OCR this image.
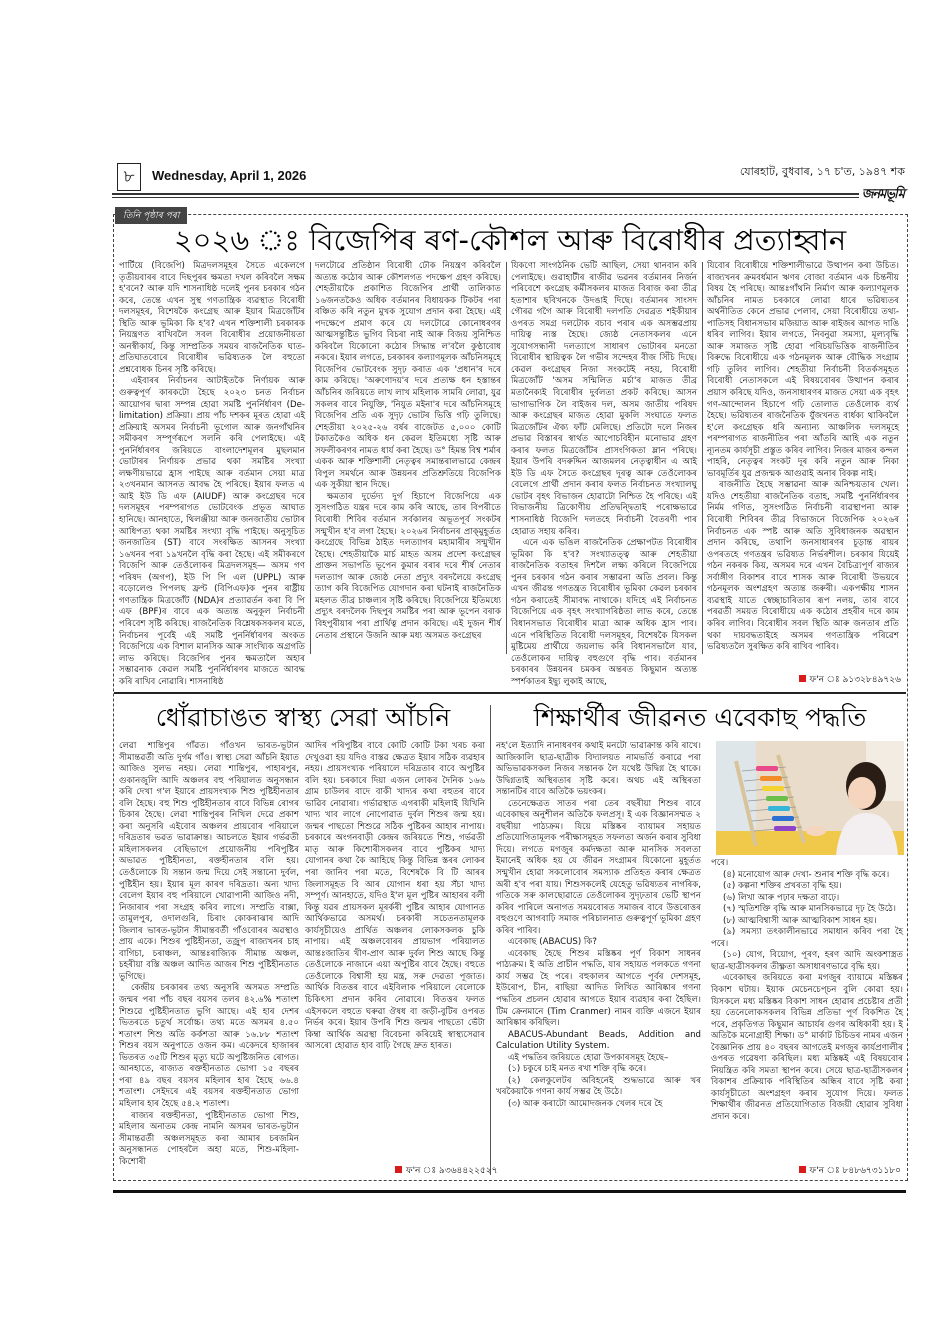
৮	Wednesday, April 1, 2026	যোৰহাট, বুধবাৰ, ১৭ চ'ত, ১৯৪৭ শক
জনমভূমি
তিনি পৃষ্ঠাৰ পৰা
২০২৬ ঃ বিজেপিৰ ৰণ-কৌশল আৰু বিৰোধীৰ প্ৰত্যাহ্বান

পাৰ্টিয়ে (বিজেপি) মিত্ৰদলসমূহৰ সৈতে একেলগে তৃতীয়বাৰৰ বাবে দিছপুৰৰ ক্ষমতা দখল কৰিবলৈ সক্ষম হ'বনে? আৰু যদি শাসনাধিষ্ঠ দলেই পুনৰ চৰকাৰ গঠন কৰে, তেন্তে এখন সুস্থ গণতান্ত্ৰিক ব্যৱস্থাত বিৰোধী দলসমূহৰ, বিশেষকৈ কংগ্ৰেছ আৰু ইয়াৰ মিত্ৰজোঁটৰ স্থিতি আৰু ভূমিকা কি হ'ব? এখন শক্তিশালী চৰকাৰক নিয়ন্ত্ৰণত ৰাখিবলৈ সবল বিৰোধীৰ প্ৰয়োজনীয়তা অনস্বীকাৰ্য, কিন্তু সাম্প্ৰতিক সময়ৰ ৰাজনৈতিক ঘাত-প্ৰতিঘাতবোৰে বিৰোধীৰ ভৱিষ্যতক লৈ বহুতো প্ৰশ্নবোধক চিনৰ সৃষ্টি কৰিছে।

এইবাৰৰ নিৰ্বাচনৰ আটাইতকৈ নিৰ্ণায়ক আৰু গুৰুত্বপূৰ্ণ কাৰকটো হৈছে ২০২৩ চনত নিৰ্বাচন আয়োগৰ দ্বাৰা সম্পন্ন হোৱা সমষ্টি পুনৰ্নিৰ্ধাৰণ (De-limitation) প্ৰক্ৰিয়া। প্ৰায় পাঁচ দশকৰ মূৰত হোৱা এই প্ৰক্ৰিয়াই অসমৰ নিৰ্বাচনী ভূগোল আৰু জনগাঁথনিৰ সমীকৰণ সম্পূৰ্ণৰূপে সলনি কৰি পেলাইছে। এই পুনৰ্নিৰ্ধাৰণৰ জৰিয়তে বাংলাদেশমূলৰ মুছলমান ভোটাৰৰ নিৰ্ণায়ক প্ৰভাৱ থকা সমষ্টিৰ সংখ্যা লক্ষণীয়ভাৱে হ্ৰাস পাইছে আৰু বৰ্তমান সেয়া মাত্ৰ ২৩খনমান আসনত আবদ্ধ হৈ পৰিছে। ইয়াৰ ফলত এ আই ইউ ডি এফ (AIUDF) আৰু কংগ্ৰেছৰ দৰে দলসমূহৰ পৰম্পৰাগত ভোটবেংক প্ৰভূত আঘাত হানিছে। আনহাতে, থিলঞ্জীয়া আৰু জনজাতীয় ভোটাৰ আধিপত্য থকা সমষ্টিৰ সংখ্যা বৃদ্ধি পাইছে। অনুসূচিত জনজাতিৰ (ST) বাবে সংৰক্ষিত আসনৰ সংখ্যা ১৬খনৰ পৰা ১৯খনলৈ বৃদ্ধি কৰা হৈছে। এই সমীকৰণে বিজেপি আৰু তেওঁলোকৰ মিত্ৰদলসমূহ— অসম গণ পৰিষদ (অগপ), ইউ পি পি এল (UPPL) আৰু বড়োলেণ্ড পিপলছ ফ্ৰণ্ট (বিপিএফ)ক পুনৰ ৰাষ্ট্ৰীয় গণতান্ত্ৰিক মিত্ৰজোঁট (NDA)ৰ প্ৰত্যাৱৰ্তন কৰা বি পি এফ (BPF)ৰ বাবে এক অত্যন্ত অনুকূল নিৰ্বাচনী পৰিবেশ সৃষ্টি কৰিছে। ৰাজনৈতিক বিশ্লেষকসকলৰ মতে, নিৰ্বাচনৰ পূৰ্বেই এই সমষ্টি পুনৰ্নিৰ্ধাৰণৰ অংকত বিজেপিয়ে এক বিশাল মানসিক আৰু সাংখ্যিক অগ্ৰগতি লাভ কৰিছে। বিজেপিৰ পুনৰ ক্ষমতালৈ অহাৰ সম্ভাৱনাক কেৱল সমষ্টি পুনৰ্নিৰ্ধাৰণৰ মাজতে আবদ্ধ কৰি ৰাখিব নোৱাৰি। শাসনাধিষ্ঠ

দলটোৱে প্ৰতিষ্ঠান বিৰোধী ঢৌক নিয়ন্ত্ৰণ কৰিবলৈ অত্যন্ত কঠোৰ আৰু কৌশলগত পদক্ষেপ গ্ৰহণ কৰিছে। শেহতীয়াকৈ প্ৰকাশিত বিজেপিৰ প্ৰাৰ্থী তালিকাত ১৬জনতকৈও অধিক বৰ্তমানৰ বিধায়কক টিকটৰ পৰা বঞ্চিত কৰি নতুন মুখক সুযোগ প্ৰদান কৰা হৈছে। এই পদক্ষেপে প্ৰমাণ কৰে যে দলটোৱে কোনোধৰণৰ আত্মসন্তুষ্টিত ভুগিব বিচৰা নাই আৰু বিজয় সুনিশ্চিত কৰিবলৈ যিকোনো কঠোৰ সিদ্ধান্ত ল'বলৈ কুণ্ঠাবোধ নকৰে। ইয়াৰ লগতে, চৰকাৰৰ কল্যাণমূলক আঁচনিসমূহে বিজেপিৰ ভোটবেংক সুদৃঢ় কৰাত এক 'প্ৰধান'ৰ দৰে কাম কৰিছে। 'অৰুণোদয়'ৰ দৰে প্ৰত্যক্ষ ধন হস্তান্তৰ আঁচনিৰ জৰিয়তে লাখ লাখ মহিলাক সামৰি লোৱা, যুৱ সকলৰ বাবে নিযুক্তি, 'নিযুত মইনা'ৰ দৰে আঁচনিসমূহে বিজেপিৰ প্ৰতি এক সুদৃঢ় ভোটৰ ভিত্তি গঢ়ি তুলিছে। শেহতীয়া ২০২৫-২৬ বৰ্ষৰ বাজেটত ৫,০০০ কোটি টকাতকৈও অধিক ধন কেৱল ইতিমধ্যে সৃষ্টি আৰু সফলীকৰণৰ নামত ধাৰ্য কৰা হৈছে। ড° হিমন্ত বিশ্ব শৰ্মাৰ একক আৰু শক্তিশালী নেতৃত্বৰ সমান্তৰালভাৱে কেন্দ্ৰৰ বিপুল সমৰ্থনে আৰু উন্নয়নৰ প্ৰতিশ্ৰুতিয়ে বিজেপিক এক সুকীয়া স্থান দিছে।

ক্ষমতাৰ দুৰ্ভেদ্য দুৰ্গ হিচাপে বিজেপিয়ে এক সুসংগঠিত যন্ত্ৰৰ দৰে কাম কৰি আছে, তাৰ বিপৰীতে বিৰোধী শিবিৰ বৰ্তমান সৰ্বকালৰ অভূতপূৰ্ব সংকটৰ সন্মুখীন হ'ব লগা হৈছে। ২০২৬ৰ নিৰ্বাচনৰ প্ৰাক্‌মুহূৰ্তত কংগ্ৰেছে বিভিন্ন ঠাইত দলত্যাগৰ মহামাৰীৰ সন্মুখীন হৈছে। শেহতীয়াকৈ মাৰ্চ মাহত অসম প্ৰদেশ কংগ্ৰেছৰ প্ৰাক্তন সভাপতি ভূপেন কুমাৰ বৰাৰ দৰে শীৰ্ষ নেতাৰ দলত্যাগ আৰু জ্যেষ্ঠ নেতা প্ৰদ্যুৎ বৰদলৈয়ে কংগ্ৰেছ ত্যাগ কৰি বিজেপিত যোগদান কৰা ঘটনাই ৰাজনৈতিক মহলত তীব্ৰ চাঞ্চল্যৰ সৃষ্টি কৰিছে। বিজেপিয়ে ইতিমধ্যে প্ৰদ্যুৎ বৰদলৈক দিছপুৰ সমষ্টিৰ পৰা আৰু ভূপেন বৰাক বিহপুৰীয়াৰ পৰা প্ৰাৰ্থিত্ব প্ৰদান কৰিছে। এই দুজন শীৰ্ষ নেতাৰ প্ৰস্থানে উজনি আৰু মধ্য অসমত কংগ্ৰেছৰ

যিকণো সাংগঠনিক ভেটি আছিল, সেয়া থানবান কৰি পেলাইছে। গুৱাহাটীৰ ৰাজীৱ ভৱনৰ বৰ্তমানৰ নিৰ্জন পৰিবেশে কংগ্ৰেছ কৰ্মীসকলৰ মাজত বিৰাজ কৰা তীব্ৰ হতাশাৰ ছবিখনকে উদঙাই দিছে। বৰ্তমানৰ সাংসদ গৌৰৱ গগৈ আৰু বিৰোধী দলপতি দেৱব্ৰত শইকীয়াৰ ওপৰত সমগ্ৰ দলটোক বচাব পৰাৰ এক অসম্ভৱপ্ৰায় দায়িত্ব ন্যস্ত হৈছে। জ্যেষ্ঠ নেতাসকলৰ এনে সুযোগসন্ধানী দলত্যাগে সাধাৰণ ভোটাৰৰ মনতো বিৰোধীৰ স্থায়িত্বক লৈ গভীৰ সন্দেহৰ বীজ সিঁচি দিছে। কেৱল কংগ্ৰেছৰ নিজা সংকটেই নহয়, বিৰোধী মিত্ৰজোঁট 'অসম সন্মিলিত মৰ্চা'ৰ মাজত তীব্ৰ মতানৈক্যই বিৰোধীৰ দুৰ্বলতা প্ৰকট কৰিছে। আসন ভাগাভাগিক লৈ বাইজৰ দল, অসম জাতীয় পৰিষদ আৰু কংগ্ৰেছৰ মাজত হোৱা মুকলি সংঘাতে ফলত মিত্ৰজোঁটৰ ঐক্য ফাঁট মেলিছে। প্ৰতিটো দলে নিজৰ প্ৰভাৱ বিস্তাৰৰ স্বাৰ্থত আপোচবিহীন মনোভাৱ গ্ৰহণ কৰাৰ ফলত মিত্ৰজোঁটৰ প্ৰাসংগিকতা ম্লান পৰিছে। ইয়াৰ উপৰি বদৰুদ্দিন আজমলৰ নেতৃত্বাধীন এ আই ইউ ডি এফ সৈতে কংগ্ৰেছৰ দূৰত্ব আৰু তেওঁলোকৰ বেলেগে প্ৰাৰ্থী প্ৰদান কৰাৰ ফলত নিৰ্বাচনত সংখ্যালঘু ভোটৰ বৃহৎ বিভাজন হোৱাটো নিশ্চিত হৈ পৰিছে। এই বিভাজনীয় ত্ৰিকোণীয় প্ৰতিদ্বন্দ্বিতাই পৰোক্ষভাৱে শাসনাধিষ্ঠ বিজেপি দলতহে নিৰ্বাচনী বৈতৰণী পাৰ হোৱাত সহায় কৰিব।

এনে এক ভঙিল ৰাজনৈতিক প্ৰেক্ষাপটত বিৰোধীৰ ভূমিকা কি হ'ব? সংখ্যাতত্ত্ব আৰু শেহতীয়া ৰাজনৈতিক বতাহৰ দিশলৈ লক্ষ্য কৰিলে বিজেপিয়ে পুনৰ চৰকাৰ গঠন কৰাৰ সম্ভাৱনা অতি প্ৰবল। কিন্তু এখন জীৱন্ত গণতন্ত্ৰত বিৰোধীৰ ভূমিকা কেৱল চৰকাৰ গঠন কৰাতেই সীমাবদ্ধ নাথাকে। যদিহে এই নিৰ্বাচনত বিজেপিয়ে এক বৃহৎ সংখ্যাগৰিষ্ঠতা লাভ কৰে, তেন্তে বিধানসভাত বিৰোধীৰ মাত্ৰা আৰু অধিক হ্ৰাস পাব। এনে পৰিস্থিতিত বিৰোধী দলসমূহৰ, বিশেষকৈ যিসকল মুষ্টিমেয় প্ৰাৰ্থীয়ে জয়লাভ কৰি বিধানসভালৈ যাব, তেওঁলোকৰ দায়িত্ব বহুগুণে বৃদ্ধি পাব। বৰ্তমানৰ চৰকাৰৰ উন্নয়নৰ চমকৰ অন্তৰত কিছুমান অত্যন্ত স্পৰ্শকাতৰ ইছ্যু লুকাই আছে,

যিবোৰ বিৰোধীয়ে শক্তিশালীভাৱে উত্থাপন কৰা উচিত। ৰাজ্যখনৰ ক্ৰমবৰ্ধমান ঋণৰ বোজা বৰ্তমান এক চিন্তনীয় বিষয় হৈ পৰিছে। আন্তঃগাঁথনি নিৰ্মাণ আৰু কল্যাণমূলক আঁচনিৰ নামত চৰকাৰে লোৱা ধাৰে ভৱিষ্যতৰ অৰ্থনীতিত কেনে প্ৰভাৱ পেলাব, সেয়া বিৰোধীয়ে তথ্য-পাতিসহ বিধানসভাৰ মজিয়াত আৰু ৰাইজৰ আগত দাঙি ধৰিব লাগিব। ইয়াৰ লগতে, নিবনুৱা সমস্যা, মূল্যবৃদ্ধি আৰু সমাজত সৃষ্টি হোৱা পৰিচয়ভিত্তিক ৰাজনীতিৰ বিৰুদ্ধে বিৰোধীয়ে এক গঠনমূলক আৰু বৌদ্ধিক সংগ্ৰাম গঢ়ি তুলিব লাগিব। শেহতীয়া নিৰ্বাচনী বিতৰ্কসমূহত বিৰোধী নেতাসকলে এই বিষয়বোৰৰ উত্থাপন কৰাৰ প্ৰয়াস কৰিছে যদিও, জনসাধাৰণৰ মাজত সেয়া এক বৃহৎ গণ-আন্দোলন হিচাপে গঢ়ি তোলাত তেওঁলোক ব্যৰ্থ হৈছে। ভৱিষ্যতৰ ৰাজনৈতিক যুঁজখনত বাৰ্ধক্য থাকিবলৈ হ'লে কংগ্ৰেছক ধৰি অন্যান্য আঞ্চলিক দলসমূহে পৰম্পৰাগত ৰাজনীতিৰ পৰা আঁতৰি আহি এক নতুন ন্যূনতম কাৰ্যসূচী প্ৰস্তুত কৰিব লাগিব। নিজৰ মাজৰ কন্দল পাহৰি, নেতৃত্বৰ সংকট দূৰ কৰি নতুন আৰু নিকা ভাবমূৰ্তিৰ যুৱ প্ৰজন্মক আগুৱাই অনাৰ বিকল্প নাই।

ৰাজনীতি হৈছে সম্ভাৱনা আৰু অনিশ্চয়তাৰ খেল। যদিও শেহতীয়া ৰাজনৈতিক বতাহ, সমষ্টি পুনৰ্নিৰ্ধাৰণৰ নিৰ্মম গণিত, সুসংগঠিত নিৰ্বাচনী ব্যৱস্থাপনা আৰু বিৰোধী শিবিৰৰ তীব্ৰ বিভাজনে বিজেপিক ২০২৬ৰ নিৰ্বাচনত এক স্পষ্ট আৰু অতি সুবিধাজনক অৱস্থান প্ৰদান কৰিছে, তথাপি জনসাধাৰণৰ চূড়ান্ত ৰায়ৰ ওপৰতহে গণতন্ত্ৰৰ ভৱিষ্যত নিৰ্ভৰশীল। চৰকাৰ যিয়েই গঠন নকৰক কিয়, অসমৰ দৰে এখন বৈচিত্ৰ্যপূৰ্ণ ৰাজ্যৰ সৰ্বাঙ্গীণ বিকাশৰ বাবে শাসক আৰু বিৰোধী উভয়ৰে গঠনমূলক অংশগ্ৰহণ অত্যন্ত জৰুৰী। একপক্ষীয় শাসন ব্যৱস্থাই যাতে স্বেচ্ছাচাৰিতাৰ ৰূপ নলয়, তাৰ বাবে পৰৱৰ্তী সময়ত বিৰোধীয়ে এক কঠোৰ প্ৰহৰীৰ দৰে কাম কৰিব লাগিব। বিৰোধীৰ সবল স্থিতি আৰু জনতাৰ প্ৰতি থকা দায়বদ্ধতাইহে অসমৰ গণতান্ত্ৰিক পৰিৱেশ ভৱিষ্যতলৈ সুৰক্ষিত কৰি ৰাখিব পাৰিব।

ফ'ন ঃ ৯১৩২৮৪৯৭২৬
ধোঁৱাচাঙত স্বাস্থ্য সেৱা আঁচনি

লেৱা শান্তিপুৰ গাঁৱত। গাঁওখন ভাৰত-ভূটান সীমান্তৱৰ্তী অতি দুৰ্গম গাঁও। স্বাস্থ্য সেৱা আঁচনি ইয়াত আজিও সুলভ নহয়। লেৱা শান্তিপুৰ, পাহাৰপুৰ, গুকানজুলি আদি অঞ্চলৰ বহু পৰিয়ালত অনুসন্ধান কৰি দেখা গ'ল ইয়াৰে প্ৰায়সংখ্যক শিশু পুষ্টিহীনতাৰ বলি হৈছে। বহু শিশু পুষ্টিহীনতাৰ বাবে বিভিন্ন ৰোগৰ চিকাৰ হৈছে। লেৱা শান্তিপুৰৰ নিখিল দেৱে প্ৰকাশ কৰা অনুসৰি এইবোৰ অঞ্চলৰ প্ৰায়বোৰ পৰিয়ালে দৰিদ্ৰতাৰ ভৱত ভাৱাক্ৰান্ত। আচলতে ইয়াৰ গৰ্ভৱতী মহিলাসকলৰ বেছিভাগে প্ৰয়োজনীয় পৰিপুষ্টিৰ অভাৱত পুষ্টিহীনতা, ৰক্তহীনতাৰ বলি হয়। তেওঁলোকে যি সন্তান জন্ম দিয়ে সেই সন্তানো দুৰ্বল, পুষ্টিহীন হয়। ইয়াৰ মূল কাৰণ দৰিদ্ৰতা। অন্য খাদ্য বেলেগ ইয়াৰ বহু পৰিয়ালে খোৱাপানী আজিও নদী, নিজাৰাৰ পৰা সংগ্ৰহ কৰিব লাগে। সম্প্ৰতি বাক্সা, তামুলপুৰ, ওদালগুৰি, চিৰাং কোকৰাঝাৰ আদি জিলাৰ ভাৰত-ভূটান সীমান্তবৰ্তী গাঁওবোৰৰ অৱস্থাও প্ৰায় একে। শিশুৰ পুষ্টিহীনতা, তজ্ৰূপ ৰাজ্যখনৰ চাহ বাগিচা, চৰাঞ্চল, আন্তঃৰাজ্যিক সীমান্ত অঞ্চল, চহৰীয়া বস্তি অঞ্চল আদিত আজৰ শিশু পুষ্টিহীনতাত ভুগিছে।

কেন্দ্ৰীয় চৰকাৰৰ তথ্য অনুসৰি অসমত সম্প্ৰতি জন্মৰ পৰা পাঁচ বছৰ বয়সৰ তলৰ ৪২.৬% শতাংশ শিশুৱে পুষ্টিহীনতাত ভুগি আছে। এই হাৰ দেশৰ ভিতৰতে চতুৰ্থ সৰ্বোচ্চ। তথ্য মতে অসমৰ ৪.৫০ শতাংশ শিশু অতি কৰ্কশতা আৰু ১৬.৮৮ শতাংশ শিশুৰ বয়স অনুপাতে ওজন কম। একেদৰে হাজাৰৰ ভিতৰত ৩৫টি শিশুৰ মৃত্যু ঘটে অপুষ্টিজনিত ৰোগত। আনহাতে, ৰাজ্যত ৰক্তহীনতাত ভোগা ১৫ বছৰৰ পৰা ৪৯ বছৰ বয়সৰ মহিলাৰ হাৰ হৈছে ৬৬.৪ শতাংশ। সেইদৰে এই বয়সৰ ৰক্তহীনতাত ভোগা মহিলাৰ হাৰ হৈছে ৫৪.২ শতাংশ।

ৰাজ্যৰ ৰক্তহীনতা, পুষ্টিহীনতাত ভোগা শিশু, মহিলাৰ অনাতম কেন্দ্ৰ নামনি অসমৰ ভাৰত-ভূটান সীমান্তৱৰ্তী অঞ্চলসমূহত কৰা আমাৰ চৰজমিন অনুসন্ধানত পোহৰলৈ অহা মতে, শিশু-মহিলা-কিশোৰী

আদিৰ পৰিপুষ্টিৰ বাবে কোটি কোটি টকা খৰচ কৰা দেখুওৱা হয় যদিও বাস্তৱ ক্ষেত্ৰত ইয়াৰ সঠিক ব্যৱহাৰ নহয়। প্ৰায়সংখ্যক পৰিয়ালে দৰিদ্ৰতাৰ বাবে অপুষ্টিৰ বলি হয়। চৰকাৰে দিয়া এজন লোকৰ দৈনিক ১৬৬ গ্ৰাম চাউলৰ বাদে বাকী খাদ্যৰ কথা বহুতৰ বাবে ভাৱিব নোৱাৰা। গৰ্ভাৱস্থাত এগৰাকী মহিলাই যিখিনি খাদ্য খাব লাগে নোপোৱাত দুৰ্বল শিশুৰ জন্ম হয়। জন্মৰ পাছতো শিশুৱে সঠিক পুষ্টিকৰ আহাৰ নাপায়। চৰকাৰে অংগনবাড়ী কেন্দ্ৰৰ জৰিয়তে শিশু, গৰ্ভৱতী মাতৃ আৰু কিশোৰীসকলৰ বাবে পুষ্টিকৰ খাদ্য যোগানৰ কথা কৈ আহিছে কিন্তু বিভিন্ন স্তৰৰ লোকৰ পৰা জানিব পৰা মতে, বিশেষকৈ বি টি আৰৰ জিলাসমূহত বি আৰ যোগান ধৰা হয় সঁচা খাদ্য সম্পূৰ্ণ। আনহাতে, যদিও ই'ল মূল পুষ্টিৰ আহাৰৰ বলী কিন্তু যৱৰ প্ৰায়সকল মূৰৰ্কৰী পুষ্টিৰ আহাৰ যোগানত আৰ্থিকভাৱে অসমৰ্থ। চৰকাৰী সচেতনতামূলক কাৰ্যসূচীয়েও প্ৰাৰ্থিত অঞ্চলৰ লোকসকলক চুকি নাপায়। এই অঞ্চলবোৰৰ প্ৰায়ভাগ পৰিয়ালত আন্তঃজাতিৰ খীণ-প্ৰাণ আৰু দুৰ্বল শিশু আছে কিন্তু তেওঁলোকে নাজানে এয়া অপুষ্টিৰ বাবে হৈছে। বহুতে তেওঁলোকে বিশ্বাসী হয় মন্ত্ৰ, সৰু দেৱতা পূজাত। আৰ্থিক বিতত্তৰ বাবে এইবিলাক পৰিয়ালে বেলোকে চিকিৎসা প্ৰদান কৰিব নোৱাৰে। বিতত্তৰ ফলত এইসকলে বহুতে ঘৰুৱা ঔষধ বা জড়ী-বুটিৰ ওপৰত নিৰ্ভৰ কৰে। ইয়াৰ উপৰি শিশু জন্মৰ পাছতো ভেঁটা কিম্বা আৰ্থিক অৱস্থা বিবেচনা কৰিয়েই স্বাস্থ্যসেৱাৰ আসৰো হোৱাত হাব বাঢ়ি গৈছে দ্ৰুত হাৰত।

ফ'ন ঃ ৯৩৬৪৪২২৫২৭
শিক্ষাৰ্থীৰ জীৱনত এবেকাছ পদ্ধতি

নহ'লে ইত্যাদি নানাধৰণৰ কথাই মনটো ভাৱাক্ৰান্ত কৰি ৰাখে। আজিকালি ছাত্ৰ-ছাত্ৰীক বিদ্যালয়ত নামভৰ্তি কৰাৱে পৰা অভিভাৱকসকল নিজৰ সন্তানক লৈ যথেষ্ট উদ্বিগ্ন হৈ থাকে। উদ্বিগ্নতাই অস্থিৰতাৰ সৃষ্টি কৰে। অথচ এই অস্থিৰতা সন্তানটিৰ বাবে অতিকৈ ভয়ংকৰ।

তেনেক্ষেত্ৰত সাতৰ পৰা তেৰ বছৰীয়া শিশুৰ বাবে এবেকাছৰ অনুশীলন অতিকৈ ফলপ্ৰসূ। ই এক বিজ্ঞানসম্মত ২ বছৰীয়া পাঠ্যক্ৰম। যিয়ে মস্তিষ্কৰ ব্যায়ামৰ সহায়ত প্ৰতিযোগিতামূলক পৰীক্ষাসমূহত সফলতা অৰ্জন কৰাৰ সুবিধা দিয়ে। লগতে মগজুৰ কৰ্মদক্ষতা আৰু মানসিক সবলতা ইমানেই অধিক হয় যে জীৱন সংগ্ৰামৰ যিকোনো মুহূৰ্তত সন্মুখীন হোৱা সকলোবোৰ সমস্যাক প্ৰতিহত কৰাৰ ক্ষেত্ৰত অৰী হ'ব পৰা যায়। শিশুসকলেই যেহেতু ভৱিষ্যতৰ নাগৰিক, গতিকে সৰু কালছোৱাতে তেওঁলোকৰ সুদৃঢ়তাৰ ভেটি স্থাপন কৰিব পাৰিলে অনাগত সময়বোৰত সমাজৰ বাবে উত্তৰোত্তৰ বহুগুণে আগবাঢ়ি সমাজ পৰিচালনাত গুৰুত্বপূৰ্ণ ভূমিকা গ্ৰহণ কৰিব পাৰিব।

এবেকাছ (ABACUS) কি?

এবেকাছ হৈছে শিশুৰ মস্তিষ্কৰ পূৰ্ণ বিকাশ সাধনৰ পাঠ্যক্ৰম। ই অতি প্ৰাচীন পদ্ধতি, যাৰ সহায়ত পলকতে গণনা কাৰ্য সম্ভৱ হৈ পৰে। বহুকালৰ আগতে পূৰ্বৰ দেশসমূহ, ইউৰোপ, চীন, ৰাছিয়া আদিত লিখিত আৰিষ্কাৰ গণনা পদ্ধতিৰ প্ৰচলন হোৱাৰ আগতে ইয়াৰ ব্যৱহাৰ কৰা হৈছিল। টিম ক্ৰেনমানে (Tim Cranmer) নামৰ ব্যক্তি এজনে ইয়াৰ আৰিষ্কাৰ কৰিছিল।

ABACUS-Abundant Beads, Addition and Calculation Utility System.

এই পদ্ধতিৰ জৰিয়তে হোৱা উপকাৰসমূহ হৈছে–

(১) চকুৰে চাই মনত ৰখা শক্তি বৃদ্ধি কৰে।

(২) কেলকুলেটৰ অবিহনেই শুদ্ধভাৱে আৰু খৰ খৰকৈয়াকৈ গণনা কাৰ্য সম্ভৱ হৈ উঠে।

(৩) আৰু কৰাটো আমোদজনক খেলৰ দৰে হৈ

পৰে।

(৪) মনোযোগ আৰু দেখা- শুনাৰ শক্তি বৃদ্ধি কৰে।

(৫) কল্পনা শক্তিৰ প্ৰখৰতা বৃদ্ধি হয়।

(৬) লিখা আৰু পঢ়াৰ দক্ষতা বাঢ়ে।

(৭) স্মৃতিশক্তি বৃদ্ধি আৰু মানসিকভাৱে দৃঢ় হৈ উঠে।

(৮) আত্মবিশ্বাসী আৰু আত্মবিকাশ সাধন হয়।

(৯) সমস্যা তৎকালীনভাৱে সমাধান কৰিব পৰা হৈ পৰে।

(১০) যোগ, বিয়োগ, পূৰণ, হৰণ আদি অংকশাস্ত্ৰত ছাত্ৰ-ছাত্ৰীসকলৰ তীক্ষ্ণতা অসাধাৰণভাৱে বৃদ্ধি হয়।

এবেকাছৰ জৰিয়তে কৰা মগজুৰ ব্যায়ামে মস্তিষ্কৰ বিকাশ ঘটায়। ইয়াক মেচেনচেপ্চন বুলি কোৱা হয়। যিসকলে মধ্য মস্তিষ্কৰ বিকাশ সাধন হোৱাৰ প্ৰচেষ্টাৰ প্ৰতী হয় তেনেলোকসকলৰ বিভিন্ন প্ৰতিভা পূৰ্ণ বিকশিত হৈ পৰে, প্ৰকৃতিগত কিছুমান আচাৰ্যৰ গুণৰ অধিকাৰী হয়। ই অতিকৈ মনোগ্ৰাহী শিক্ষা। ড° মাৰ্কাট চিচিডৰ নামৰ এজন বৈজ্ঞানিক প্ৰায় ৪০ বছৰৰ আগতেই মগজুৰ কাৰ্যপ্ৰণালীৰ ওপৰত গৱেষণা কৰিছিল। মধ্য মস্তিষ্কই এই বিষয়বোৰ নিয়ন্ত্ৰিত কৰি সমতা স্থাপন কৰে। সেয়ে ছাত্ৰ-ছাত্ৰীসকলৰ বিকাশৰ প্ৰক্ৰিয়াক পৰিস্থিতিৰ অন্ধিৰ বাবে সৃষ্টি কৰা কাৰ্যসূচীতো অংশগ্ৰহণ কৰাৰ সুযোগ দিয়ে। ফলত শিক্ষাৰ্থীৰ জীৱনত প্ৰতিযোগিতাত বিজয়ী হোৱাৰ সুবিধা প্ৰদান কৰে।

ফ'ন ঃ ৮৪৮৬৭৩১১৮০
